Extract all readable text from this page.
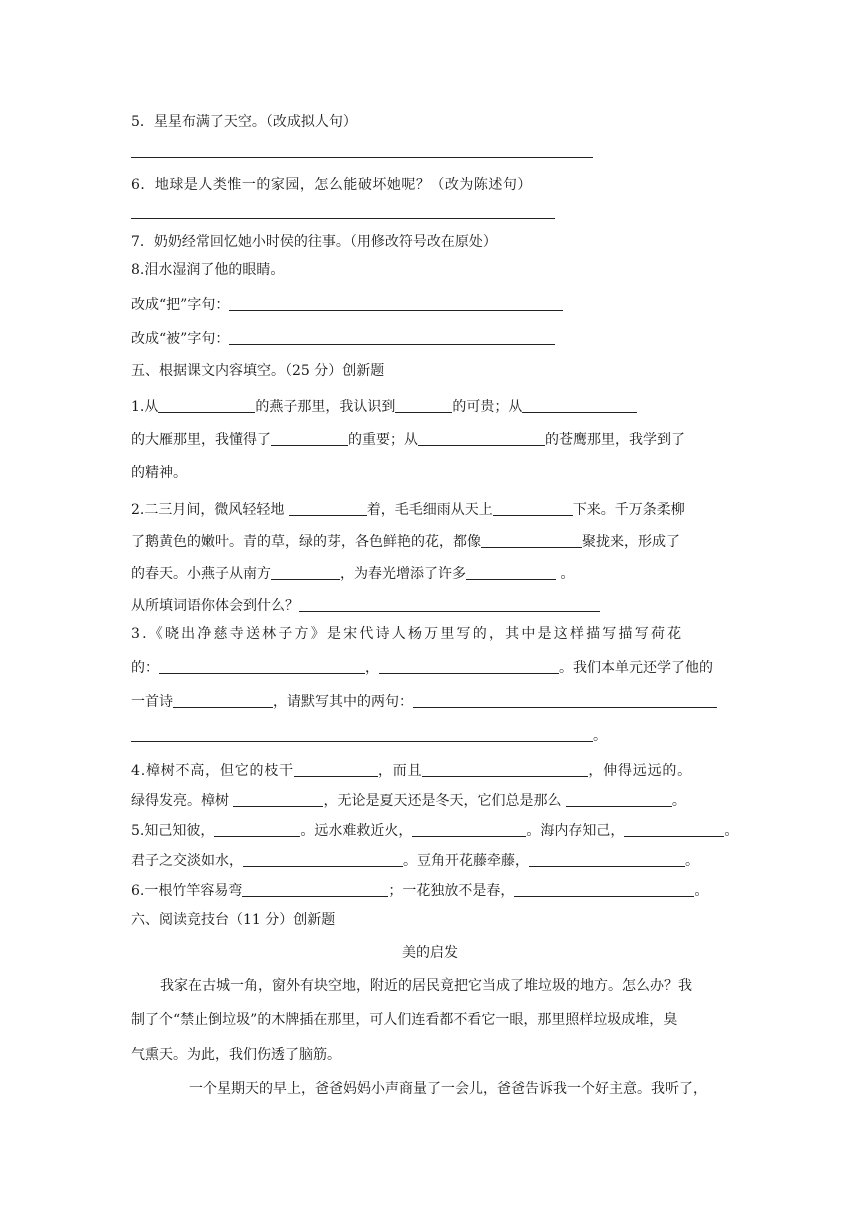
5．星星布满了天空。（改成拟人句）
6．地球是人类惟一的家园，怎么能破坏她呢？（改为陈述句）
7．奶奶经常回忆她小时侯的往事。（用修改符号改在原处）
8.泪水湿润了他的眼睛。
改成“把”字句：
改成“被”字句：
五、根据课文内容填空。（25 分）创新题
1.从	的燕子那里，我认识到	的可贵；从
的大雁那里，我懂得了	的重要；从	的苍鹰那里，我学到了
的精神。
2.二三月间，微风轻轻地	着，毛毛细雨从天上	下来。千万条柔柳
了鹅黄色的嫩叶。青的草，绿的芽，各色鲜艳的花，都像	聚拢来，形成了
的春天。小燕子从南方	，为春光增添了许多	。
从所填词语你体会到什么？
3.《晓出净慈寺送林子方》是宋代诗人杨万里写的，其中是这样描写描写荷花
的：	，	。我们本单元还学了他的
一首诗	，请默写其中的两句：
。
4.樟树不高，但它的枝干	，而且	，伸得远远的。
绿得发亮。樟树	，无论是夏天还是冬天，它们总是那么	。
5.知己知彼，	。远水难救近火，	。海内存知己，	。
君子之交淡如水，	。豆角开花藤牵藤，	。
6.一根竹竿容易弯	；一花独放不是春，	。
六、阅读竞技台（11 分）创新题
美的启发
我家在古城一角，窗外有块空地，附近的居民竟把它当成了堆垃圾的地方。怎么办？我
制了个“禁止倒垃圾”的木牌插在那里，可人们连看都不看它一眼，那里照样垃圾成堆，臭
气熏天。为此，我们伤透了脑筋。
一个星期天的早上，爸爸妈妈小声商量了一会儿，爸爸告诉我一个好主意。我听了，
